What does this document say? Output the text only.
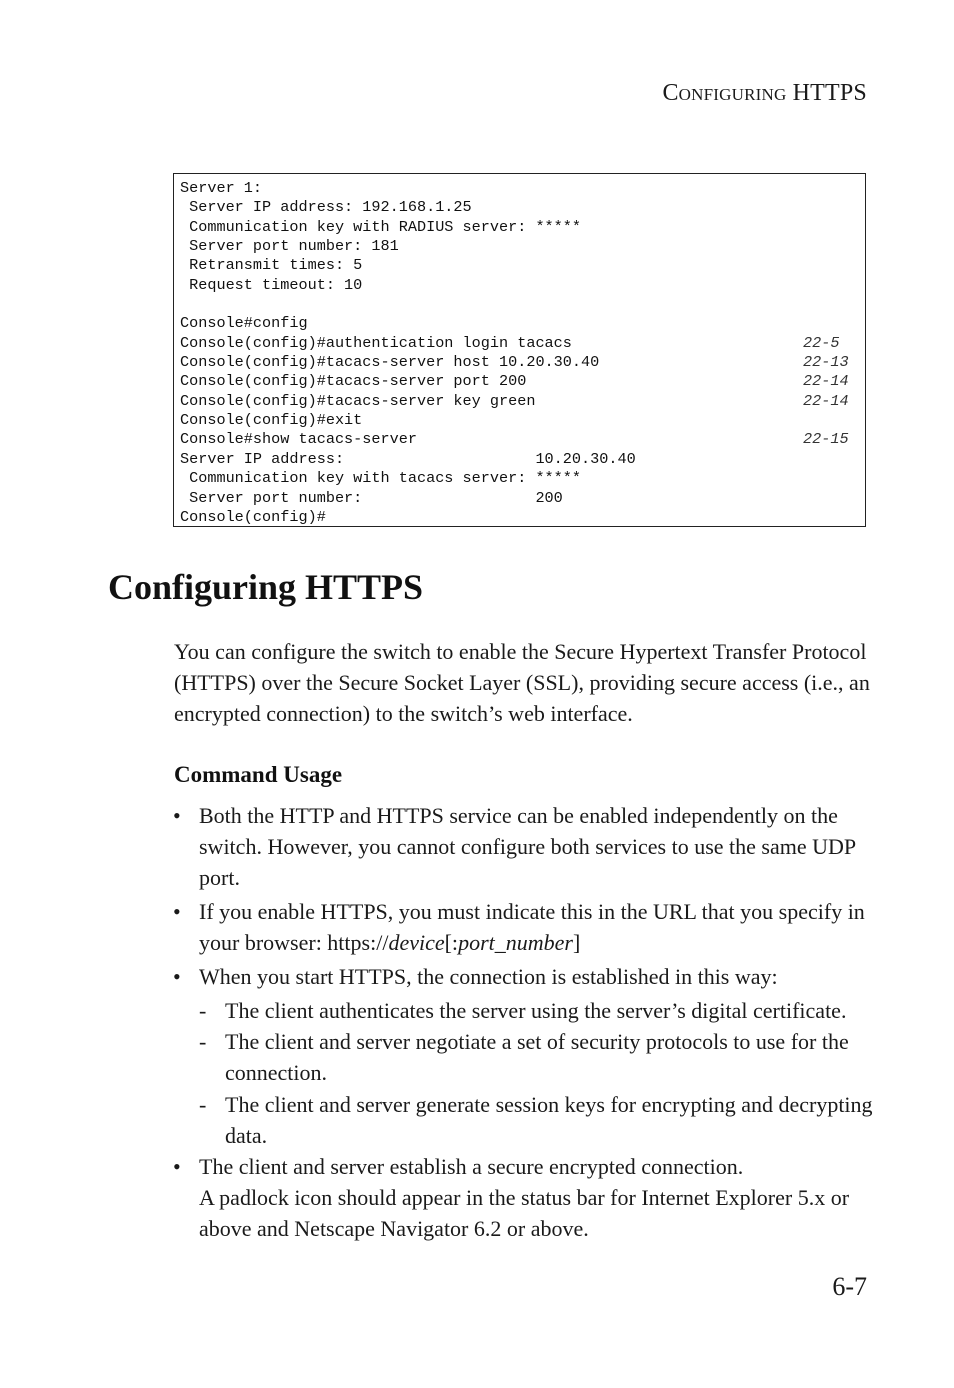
CONFIGURING HTTPS
Server 1:
Server IP address: 192.168.1.25
Communication key with RADIUS server: *****
Server port number: 181
Retransmit times: 5
Request timeout: 10
Console#config
Console(config)#authentication login tacacs	22-5
Console(config)#tacacs-server host 10.20.30.40	22-13
Console(config)#tacacs-server port 200	22-14
Console(config)#tacacs-server key green	22-14
Console(config)#exit
Console#show tacacs-server	22-15
Server IP address:                     10.20.30.40
Communication key with tacacs server: *****
Server port number:                   200
Console(config)#
Configuring HTTPS

You can configure the switch to enable the Secure Hypertext Transfer Protocol (HTTPS) over the Secure Socket Layer (SSL), providing secure access (i.e., an encrypted connection) to the switch’s web interface.

Command Usage
• Both the HTTP and HTTPS service can be enabled independently on the switch. However, you cannot configure both services to use the same UDP port.
• If you enable HTTPS, you must indicate this in the URL that you specify in your browser: https://device[:port_number]
• When you start HTTPS, the connection is established in this way:
- The client authenticates the server using the server’s digital certificate.
- The client and server negotiate a set of security protocols to use for the connection.
- The client and server generate session keys for encrypting and decrypting data.
• The client and server establish a secure encrypted connection.
A padlock icon should appear in the status bar for Internet Explorer 5.x or above and Netscape Navigator 6.2 or above.
6-7
